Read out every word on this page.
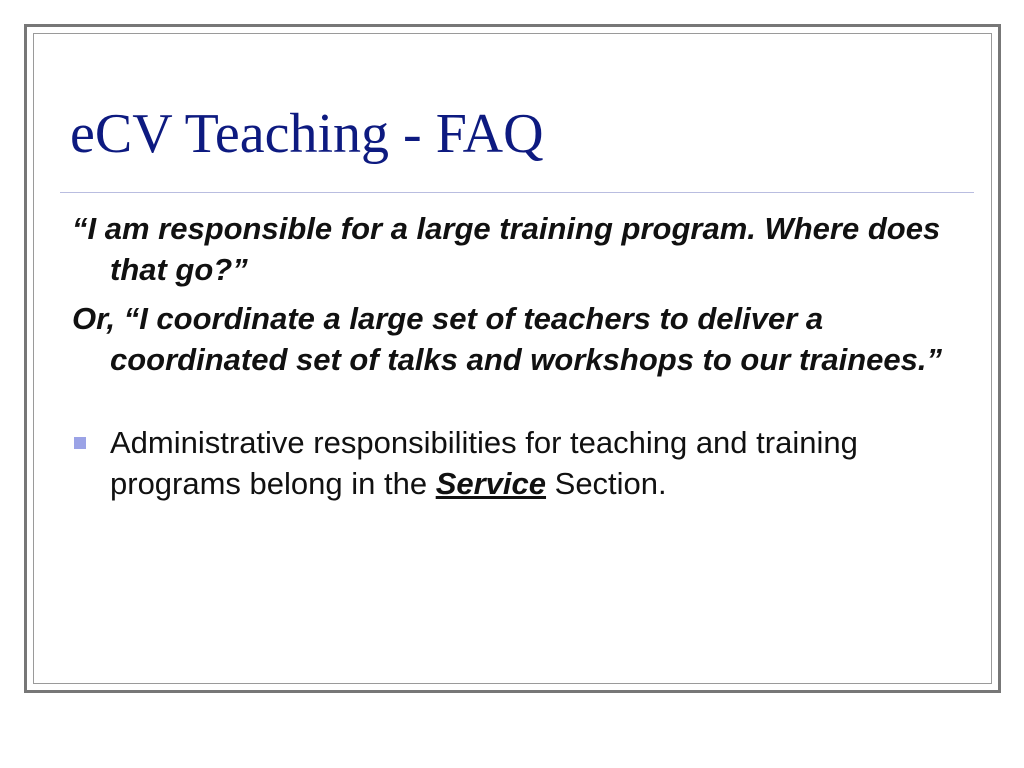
eCV Teaching - FAQ

“I am responsible for a large training program. Where does that go?”

Or, “I coordinate a large set of teachers to deliver a coordinated set of talks and workshops to our trainees.”

Administrative responsibilities for teaching and training programs belong in the Service Section.
